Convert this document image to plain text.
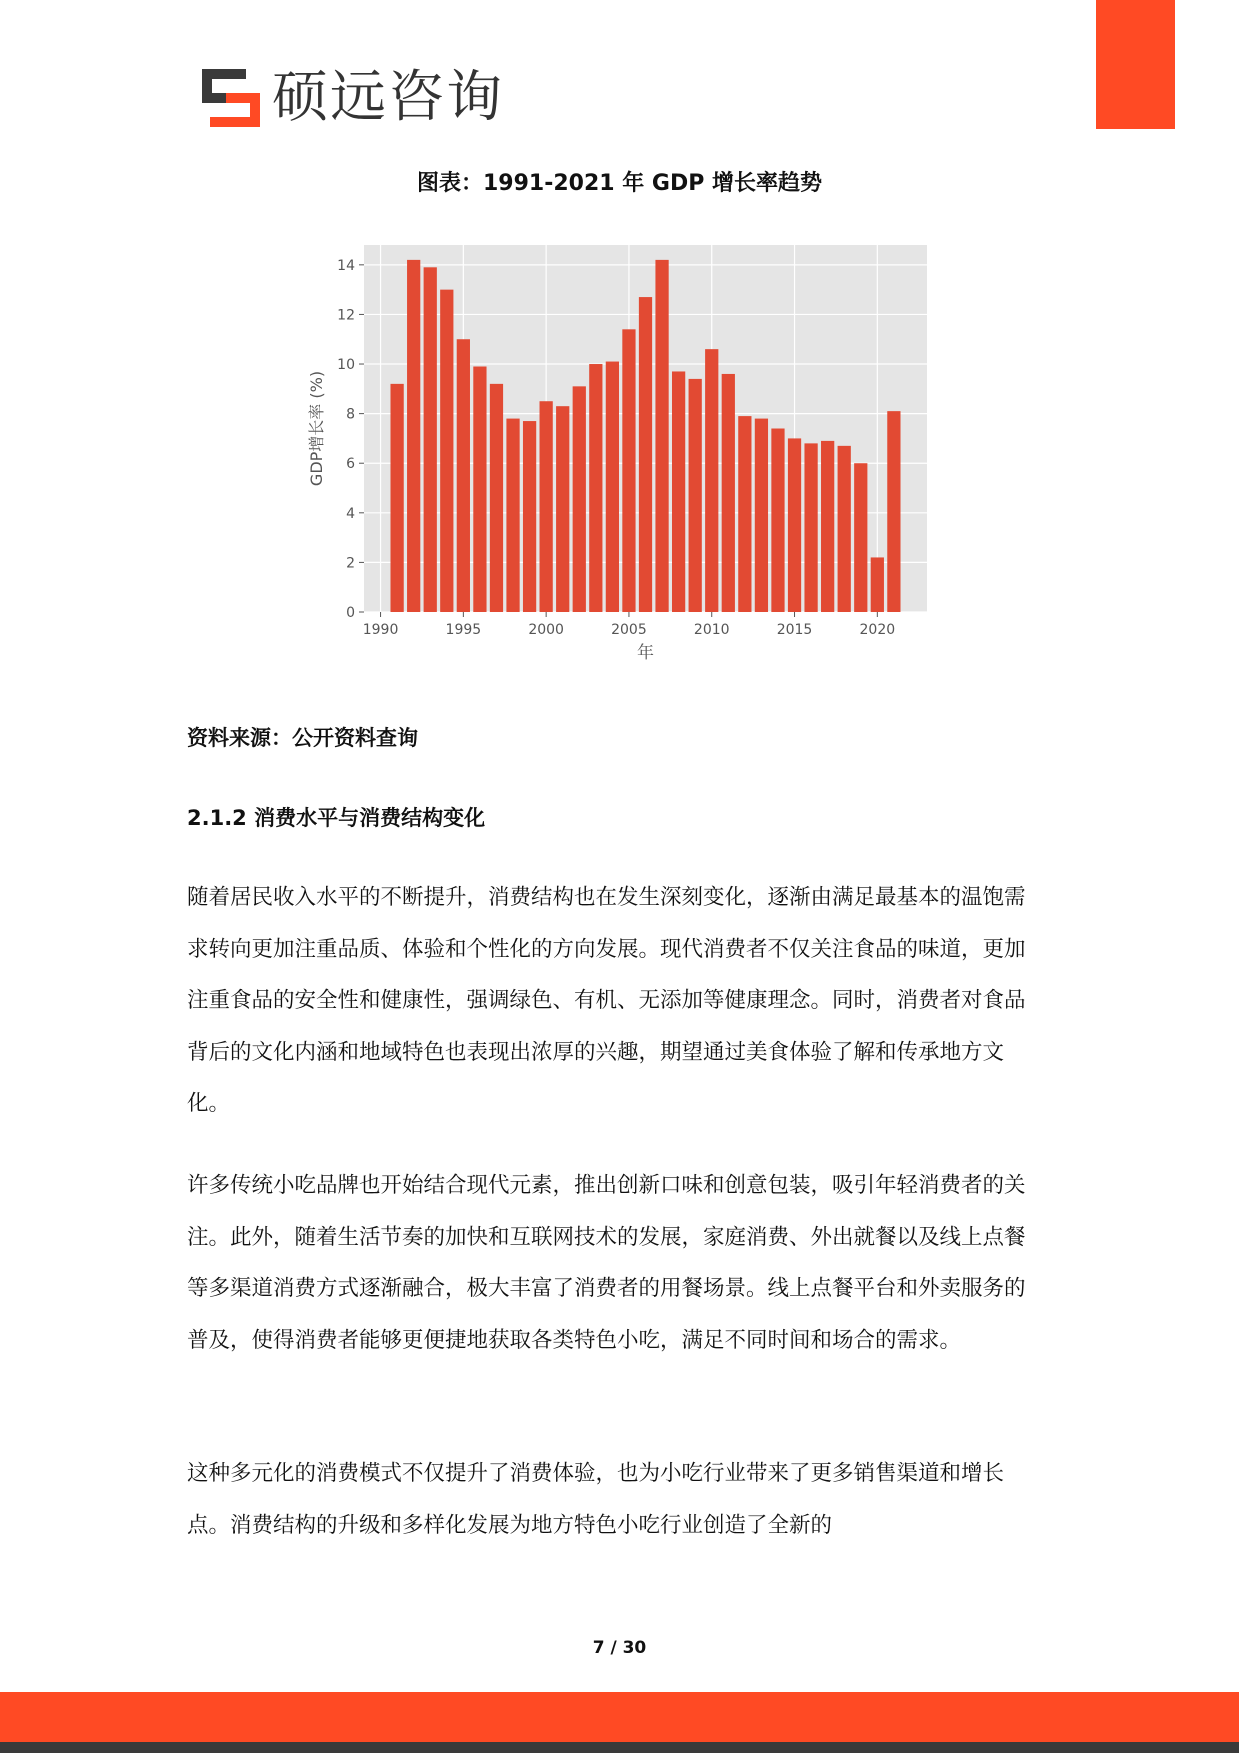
硕远咨询
图表：1991-2021 年 GDP 增长率趋势
0
2
4
6
8
10
12
14
1990	1995	2000	2005	2010	2015	2020
年
GDP增长率 (%)
资料来源：公开资料查询
2.1.2 消费水平与消费结构变化

随着居民收入水平的不断提升，消费结构也在发生深刻变化，逐渐由满足最基本的温饱需求转向更加注重品质、体验和个性化的方向发展。现代消费者不仅关注食品的味道，更加注重食品的安全性和健康性，强调绿色、有机、无添加等健康理念。同时，消费者对食品背后的文化内涵和地域特色也表现出浓厚的兴趣，期望通过美食体验了解和传承地方文化。

许多传统小吃品牌也开始结合现代元素，推出创新口味和创意包装，吸引年轻消费者的关注。此外，随着生活节奏的加快和互联网技术的发展，家庭消费、外出就餐以及线上点餐等多渠道消费方式逐渐融合，极大丰富了消费者的用餐场景。线上点餐平台和外卖服务的普及，使得消费者能够更便捷地获取各类特色小吃，满足不同时间和场合的需求。

这种多元化的消费模式不仅提升了消费体验，也为小吃行业带来了更多销售渠道和增长点。消费结构的升级和多样化发展为地方特色小吃行业创造了全新的

7 / 30
